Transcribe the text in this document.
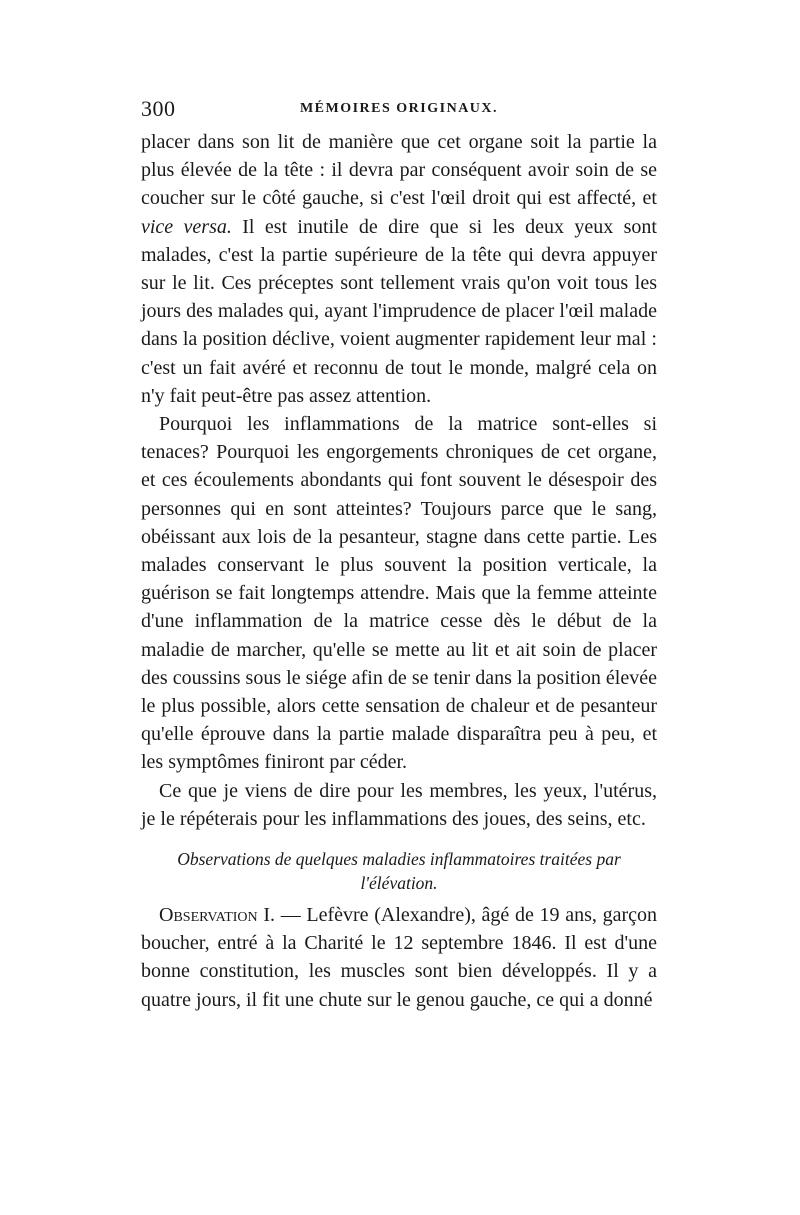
300	MÉMOIRES ORIGINAUX.

placer dans son lit de manière que cet organe soit la partie la plus élevée de la tête : il devra par conséquent avoir soin de se coucher sur le côté gauche, si c'est l'œil droit qui est affecté, et vice versa. Il est inutile de dire que si les deux yeux sont malades, c'est la partie supérieure de la tête qui devra appuyer sur le lit. Ces préceptes sont tellement vrais qu'on voit tous les jours des malades qui, ayant l'imprudence de placer l'œil malade dans la position déclive, voient augmenter rapidement leur mal : c'est un fait avéré et reconnu de tout le monde, malgré cela on n'y fait peut-être pas assez attention.

Pourquoi les inflammations de la matrice sont-elles si tenaces? Pourquoi les engorgements chroniques de cet organe, et ces écoulements abondants qui font souvent le désespoir des personnes qui en sont atteintes? Toujours parce que le sang, obéissant aux lois de la pesanteur, stagne dans cette partie. Les malades conservant le plus souvent la position verticale, la guérison se fait longtemps attendre. Mais que la femme atteinte d'une inflammation de la matrice cesse dès le début de la maladie de marcher, qu'elle se mette au lit et ait soin de placer des coussins sous le siége afin de se tenir dans la position élevée le plus possible, alors cette sensation de chaleur et de pesanteur qu'elle éprouve dans la partie malade disparaîtra peu à peu, et les symptômes finiront par céder.

Ce que je viens de dire pour les membres, les yeux, l'utérus, je le répéterais pour les inflammations des joues, des seins, etc.

Observations de quelques maladies inflammatoires traitées par l'élévation.

Observation I. — Lefèvre (Alexandre), âgé de 19 ans, garçon boucher, entré à la Charité le 12 septembre 1846. Il est d'une bonne constitution, les muscles sont bien développés. Il y a quatre jours, il fit une chute sur le genou gauche, ce qui a donné
